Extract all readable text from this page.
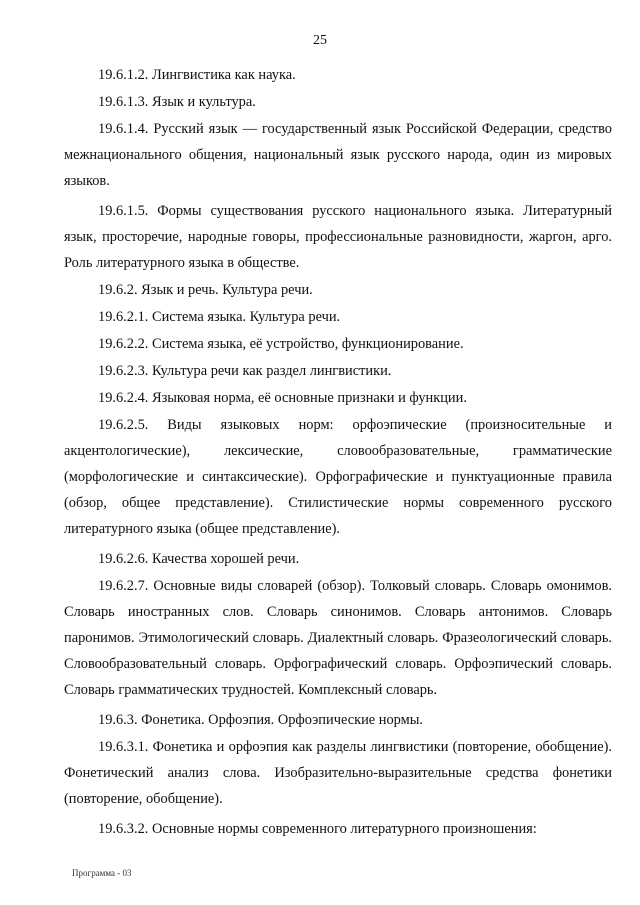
25

19.6.1.2. Лингвистика как наука.

19.6.1.3. Язык и культура.

19.6.1.4. Русский язык — государственный язык Российской Федерации, средство межнационального общения, национальный язык русского народа, один из мировых языков.

19.6.1.5. Формы существования русского национального языка. Литературный язык, просторечие, народные говоры, профессиональные разновидности, жаргон, арго. Роль литературного языка в обществе.

19.6.2. Язык и речь. Культура речи.

19.6.2.1. Система языка. Культура речи.

19.6.2.2. Система языка, её устройство, функционирование.

19.6.2.3. Культура речи как раздел лингвистики.

19.6.2.4. Языковая норма, её основные признаки и функции.

19.6.2.5. Виды языковых норм: орфоэпические (произносительные и акцентологические), лексические, словообразовательные, грамматические (морфологические и синтаксические). Орфографические и пунктуационные правила (обзор, общее представление). Стилистические нормы современного русского литературного языка (общее представление).

19.6.2.6. Качества хорошей речи.

19.6.2.7. Основные виды словарей (обзор). Толковый словарь. Словарь омонимов. Словарь иностранных слов. Словарь синонимов. Словарь антонимов. Словарь паронимов. Этимологический словарь. Диалектный словарь. Фразеологический словарь. Словообразовательный словарь. Орфографический словарь. Орфоэпический словарь. Словарь грамматических трудностей. Комплексный словарь.

19.6.3. Фонетика. Орфоэпия. Орфоэпические нормы.

19.6.3.1. Фонетика и орфоэпия как разделы лингвистики (повторение, обобщение). Фонетический анализ слова. Изобразительно-выразительные средства фонетики (повторение, обобщение).

19.6.3.2. Основные нормы современного литературного произношения:

Программа - 03
